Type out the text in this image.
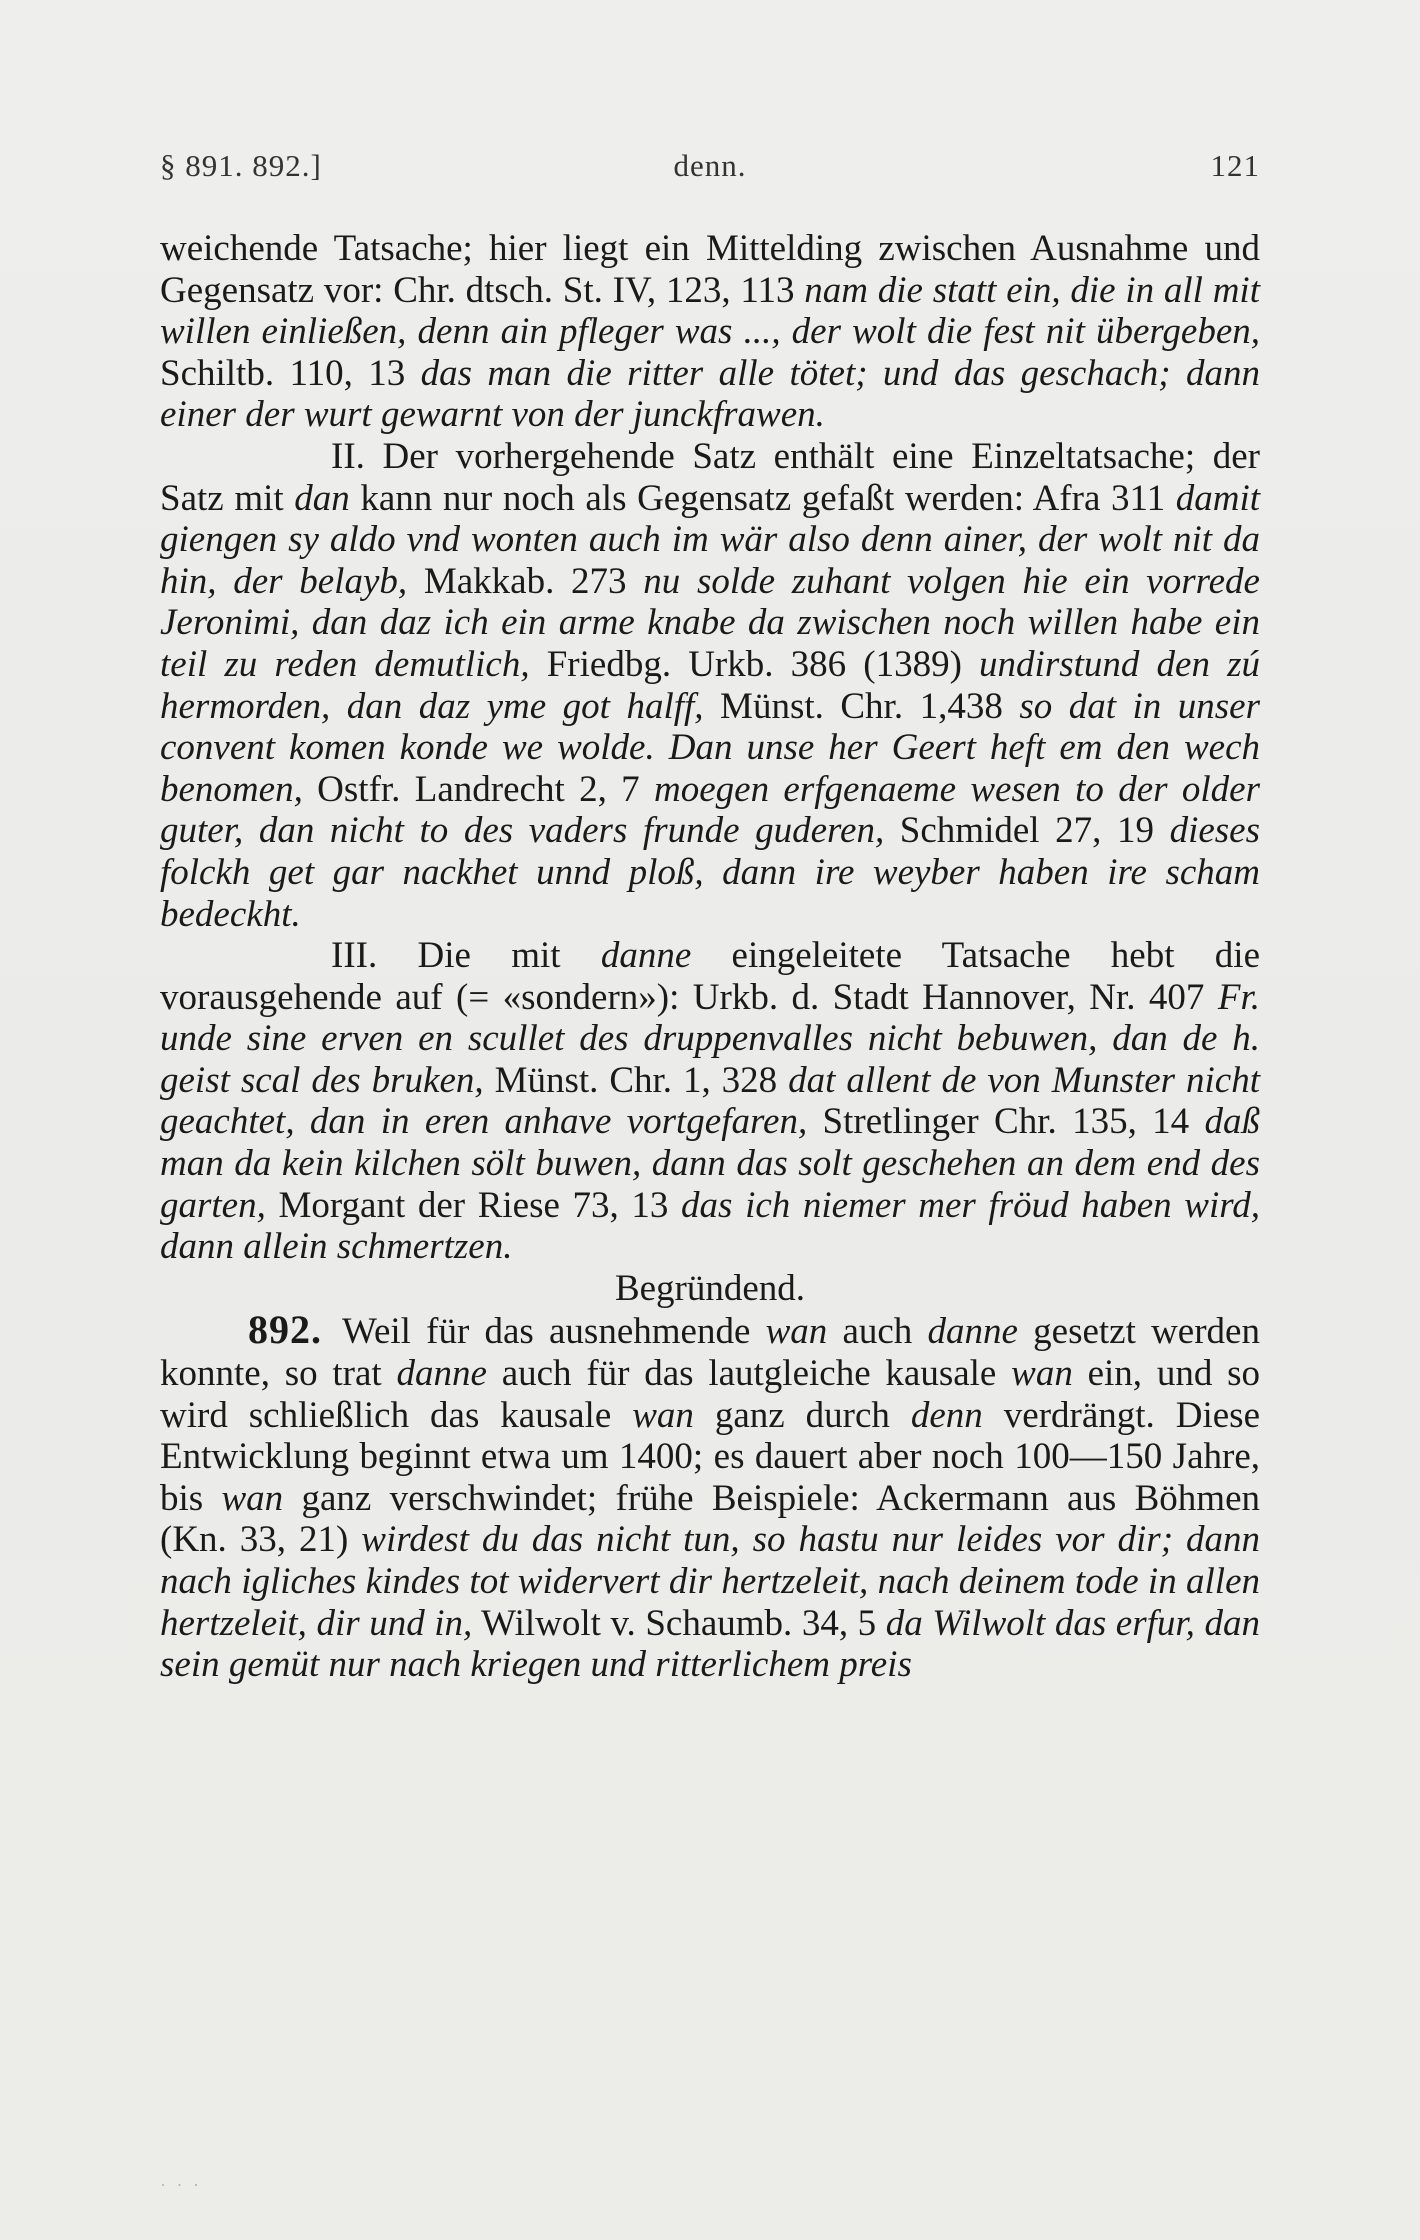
§ 891. 892.]	denn.	121

weichende Tatsache; hier liegt ein Mittelding zwischen Ausnahme und Gegensatz vor: Chr. dtsch. St. IV, 123, 113 nam die statt ein, die in all mit willen einließen, denn ain pfleger was ..., der wolt die fest nit übergeben, Schiltb. 110, 13 das man die ritter alle tötet; und das geschach; dann einer der wurt gewarnt von der junckfrawen.

II. Der vorhergehende Satz enthält eine Einzeltatsache; der Satz mit dan kann nur noch als Gegensatz gefaßt werden: Afra 311 damit giengen sy aldo vnd wonten auch im wär also denn ainer, der wolt nit da hin, der belayb, Makkab. 273 nu solde zuhant volgen hie ein vorrede Jeronimi, dan daz ich ein arme knabe da zwischen noch willen habe ein teil zu reden demutlich, Friedbg. Urkb. 386 (1389) undirstund den zú hermorden, dan daz yme got halff, Münst. Chr. 1,438 so dat in unser convent komen konde we wolde. Dan unse her Geert heft em den wech benomen, Ostfr. Landrecht 2, 7 moegen erfgenaeme wesen to der older guter, dan nicht to des vaders frunde guderen, Schmidel 27, 19 dieses folckh get gar nackhet unnd ploß, dann ire weyber haben ire scham bedeckht.

III. Die mit danne eingeleitete Tatsache hebt die vorausgehende auf (= «sondern»): Urkb. d. Stadt Hannover, Nr. 407 Fr. unde sine erven en scullet des druppenvalles nicht bebuwen, dan de h. geist scal des bruken, Münst. Chr. 1, 328 dat allent de von Munster nicht geachtet, dan in eren anhave vortgefaren, Stretlinger Chr. 135, 14 daß man da kein kilchen sölt buwen, dann das solt geschehen an dem end des garten, Morgant der Riese 73, 13 das ich niemer mer fröud haben wird, dann allein schmertzen.

Begründend.

892. Weil für das ausnehmende wan auch danne gesetzt werden konnte, so trat danne auch für das lautgleiche kausale wan ein, und so wird schließlich das kausale wan ganz durch denn verdrängt. Diese Entwicklung beginnt etwa um 1400; es dauert aber noch 100—150 Jahre, bis wan ganz verschwindet; frühe Beispiele: Ackermann aus Böhmen (Kn. 33, 21) wirdest du das nicht tun, so hastu nur leides vor dir; dann nach igliches kindes tot widervert dir hertzeleit, nach deinem tode in allen hertzeleit, dir und in, Wilwolt v. Schaumb. 34, 5 da Wilwolt das erfur, dan sein gemüt nur nach kriegen und ritterlichem preis

· · ·
